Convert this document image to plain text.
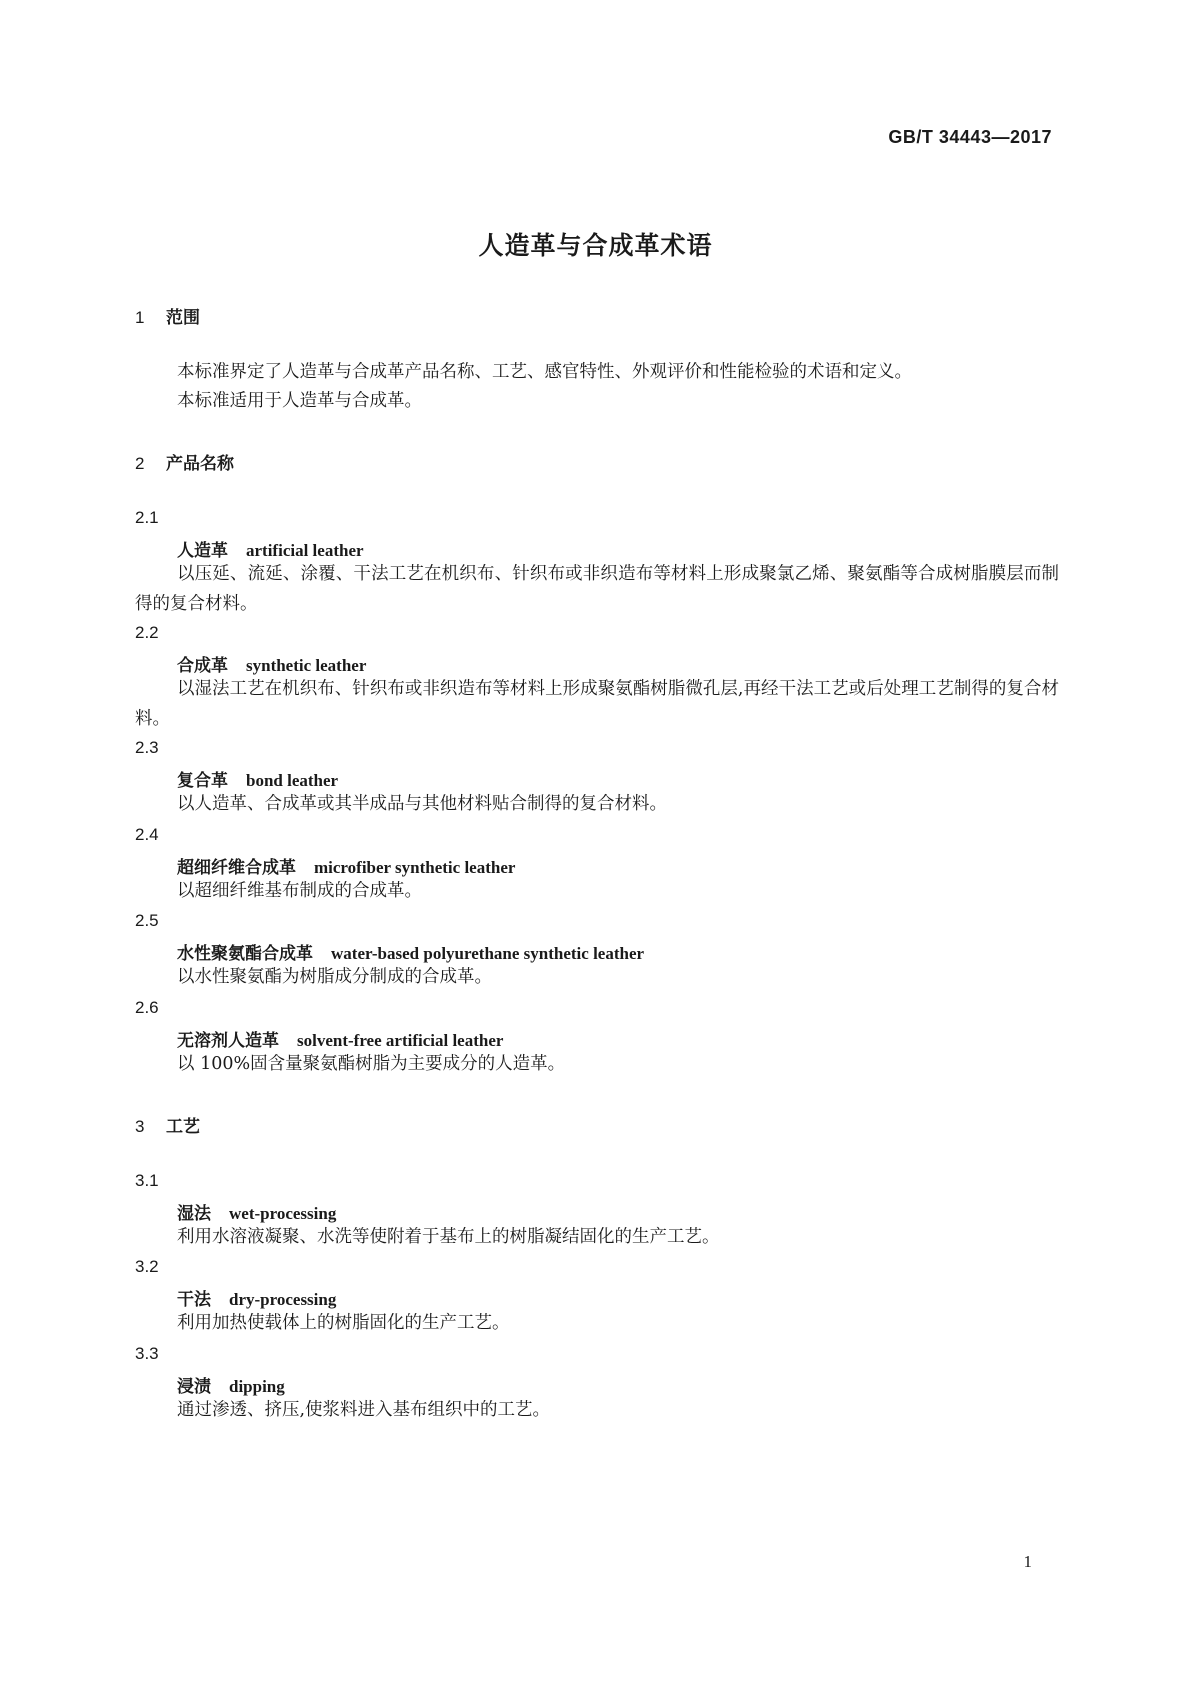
GB/T 34443—2017
人造革与合成革术语
1 范围
本标准界定了人造革与合成革产品名称、工艺、感官特性、外观评价和性能检验的术语和定义。
本标准适用于人造革与合成革。
2 产品名称
2.1
人造革 artificial leather
以压延、流延、涂覆、干法工艺在机织布、针织布或非织造布等材料上形成聚氯乙烯、聚氨酯等合成树脂膜层而制得的复合材料。
2.2
合成革 synthetic leather
以湿法工艺在机织布、针织布或非织造布等材料上形成聚氨酯树脂微孔层,再经干法工艺或后处理工艺制得的复合材料。
2.3
复合革 bond leather
以人造革、合成革或其半成品与其他材料贴合制得的复合材料。
2.4
超细纤维合成革 microfiber synthetic leather
以超细纤维基布制成的合成革。
2.5
水性聚氨酯合成革 water-based polyurethane synthetic leather
以水性聚氨酯为树脂成分制成的合成革。
2.6
无溶剂人造革 solvent-free artificial leather
以 100%固含量聚氨酯树脂为主要成分的人造革。
3 工艺
3.1
湿法 wet-processing
利用水溶液凝聚、水洗等使附着于基布上的树脂凝结固化的生产工艺。
3.2
干法 dry-processing
利用加热使载体上的树脂固化的生产工艺。
3.3
浸渍 dipping
通过渗透、挤压,使浆料进入基布组织中的工艺。
1
